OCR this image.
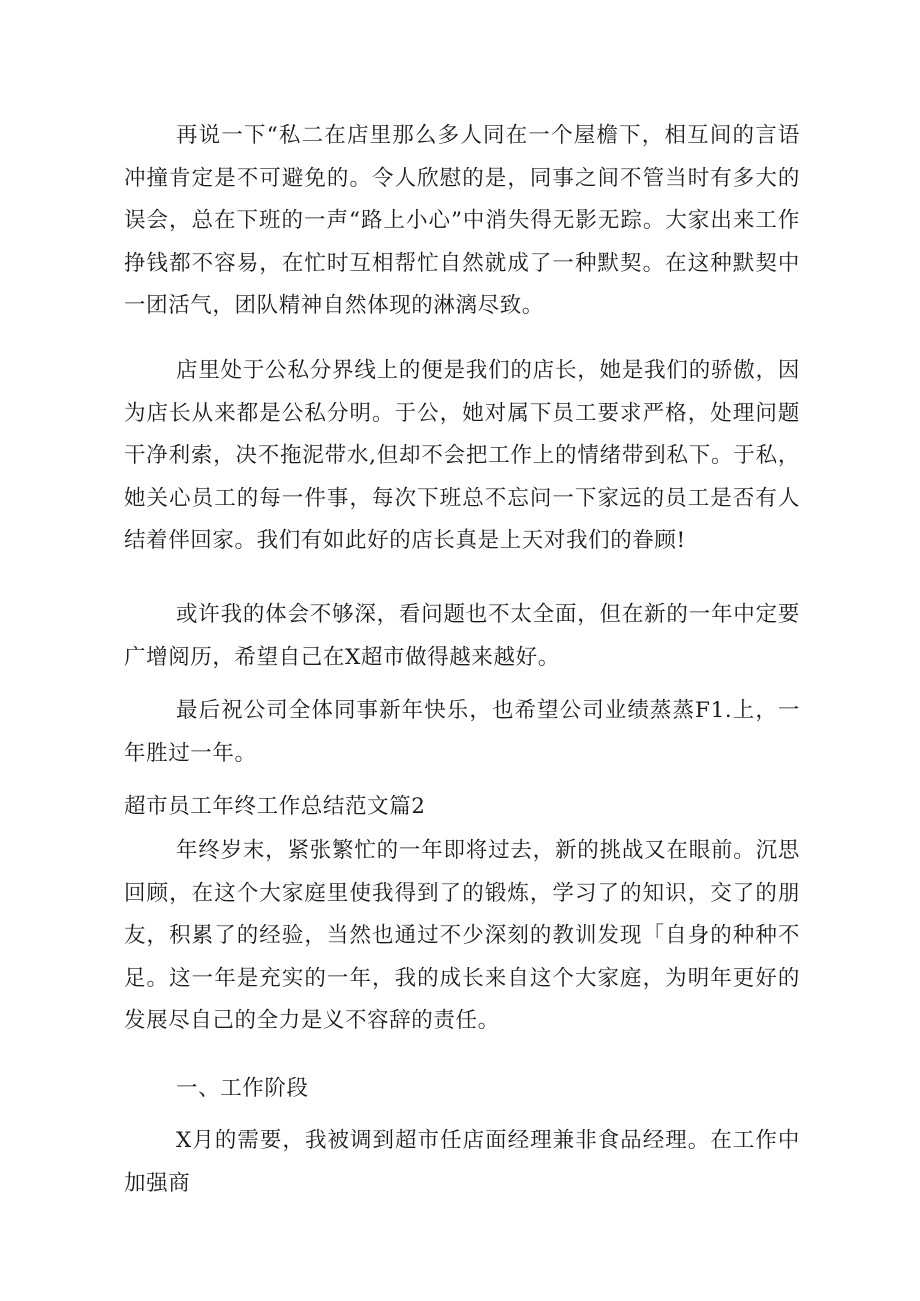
再说一下“私二在店里那么多人同在一个屋檐下，相互间的言语冲撞肯定是不可避免的。令人欣慰的是，同事之间不管当时有多大的误会，总在下班的一声“路上小心”中消失得无影无踪。大家出来工作挣钱都不容易，在忙时互相帮忙自然就成了一种默契。在这种默契中一团活气，团队精神自然体现的淋漓尽致。

店里处于公私分界线上的便是我们的店长，她是我们的骄傲，因为店长从来都是公私分明。于公，她对属下员工要求严格，处理问题干净利索，决不拖泥带水,但却不会把工作上的情绪带到私下。于私，她关心员工的每一件事，每次下班总不忘问一下家远的员工是否有人结着伴回家。我们有如此好的店长真是上天对我们的眷顾!

或许我的体会不够深，看问题也不太全面，但在新的一年中定要广增阅历，希望自己在X超市做得越来越好。

最后祝公司全体同事新年快乐，也希望公司业绩蒸蒸F1.上，一年胜过一年。

超市员工年终工作总结范文篇2

年终岁末，紧张繁忙的一年即将过去，新的挑战又在眼前。沉思回顾，在这个大家庭里使我得到了的锻炼，学习了的知识，交了的朋友，积累了的经验，当然也通过不少深刻的教训发现「自身的种种不足。这一年是充实的一年，我的成长来自这个大家庭，为明年更好的发展尽自己的全力是义不容辞的责任。

一、工作阶段

X月的需要，我被调到超市任店面经理兼非食品经理。在工作中加强商
